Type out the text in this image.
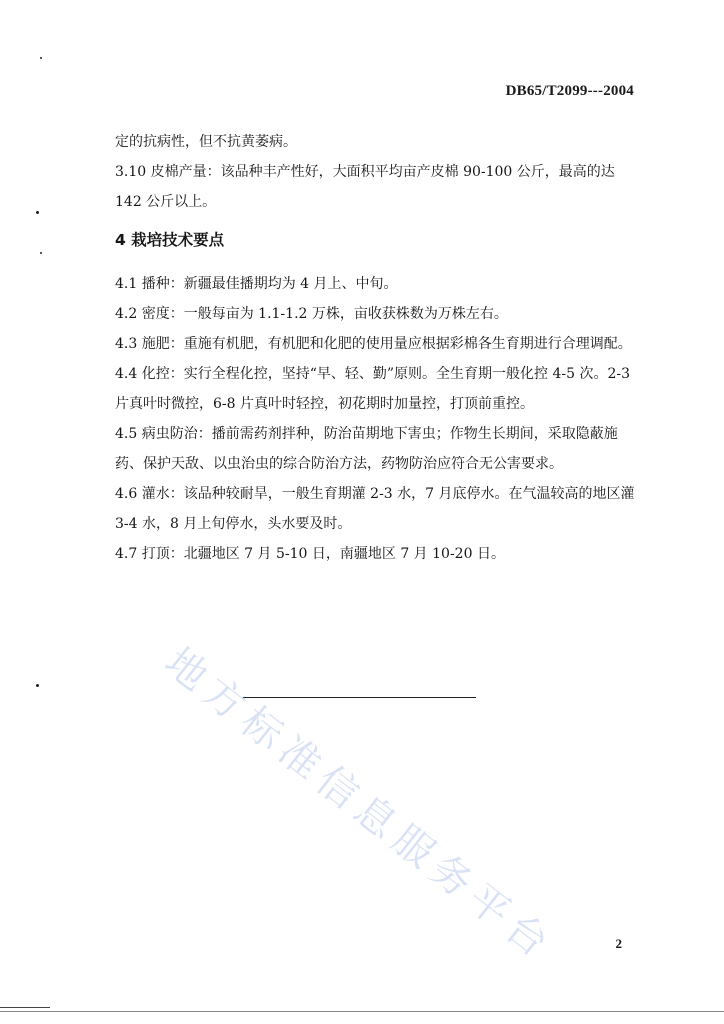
DB65/T2099---2004

定的抗病性，但不抗黄萎病。

3.10 皮棉产量：该品种丰产性好，大面积平均亩产皮棉 90-100 公斤，最高的达 142 公斤以上。

4 栽培技术要点

4.1 播种：新疆最佳播期均为 4 月上、中旬。

4.2 密度：一般每亩为 1.1-1.2 万株，亩收获株数为万株左右。

4.3 施肥：重施有机肥，有机肥和化肥的使用量应根据彩棉各生育期进行合理调配。

4.4 化控：实行全程化控，坚持“早、轻、勤”原则。全生育期一般化控 4-5 次。2-3 片真叶时微控，6-8 片真叶时轻控，初花期时加量控，打顶前重控。

4.5 病虫防治：播前需药剂拌种，防治苗期地下害虫；作物生长期间，采取隐蔽施药、保护天敌、以虫治虫的综合防治方法，药物防治应符合无公害要求。

4.6 灌水：该品种较耐旱，一般生育期灌 2-3 水，7 月底停水。在气温较高的地区灌 3-4 水，8 月上旬停水，头水要及时。

4.7 打顶：北疆地区 7 月 5-10 日，南疆地区 7 月 10-20 日。

地方标准信息服务平台	2
